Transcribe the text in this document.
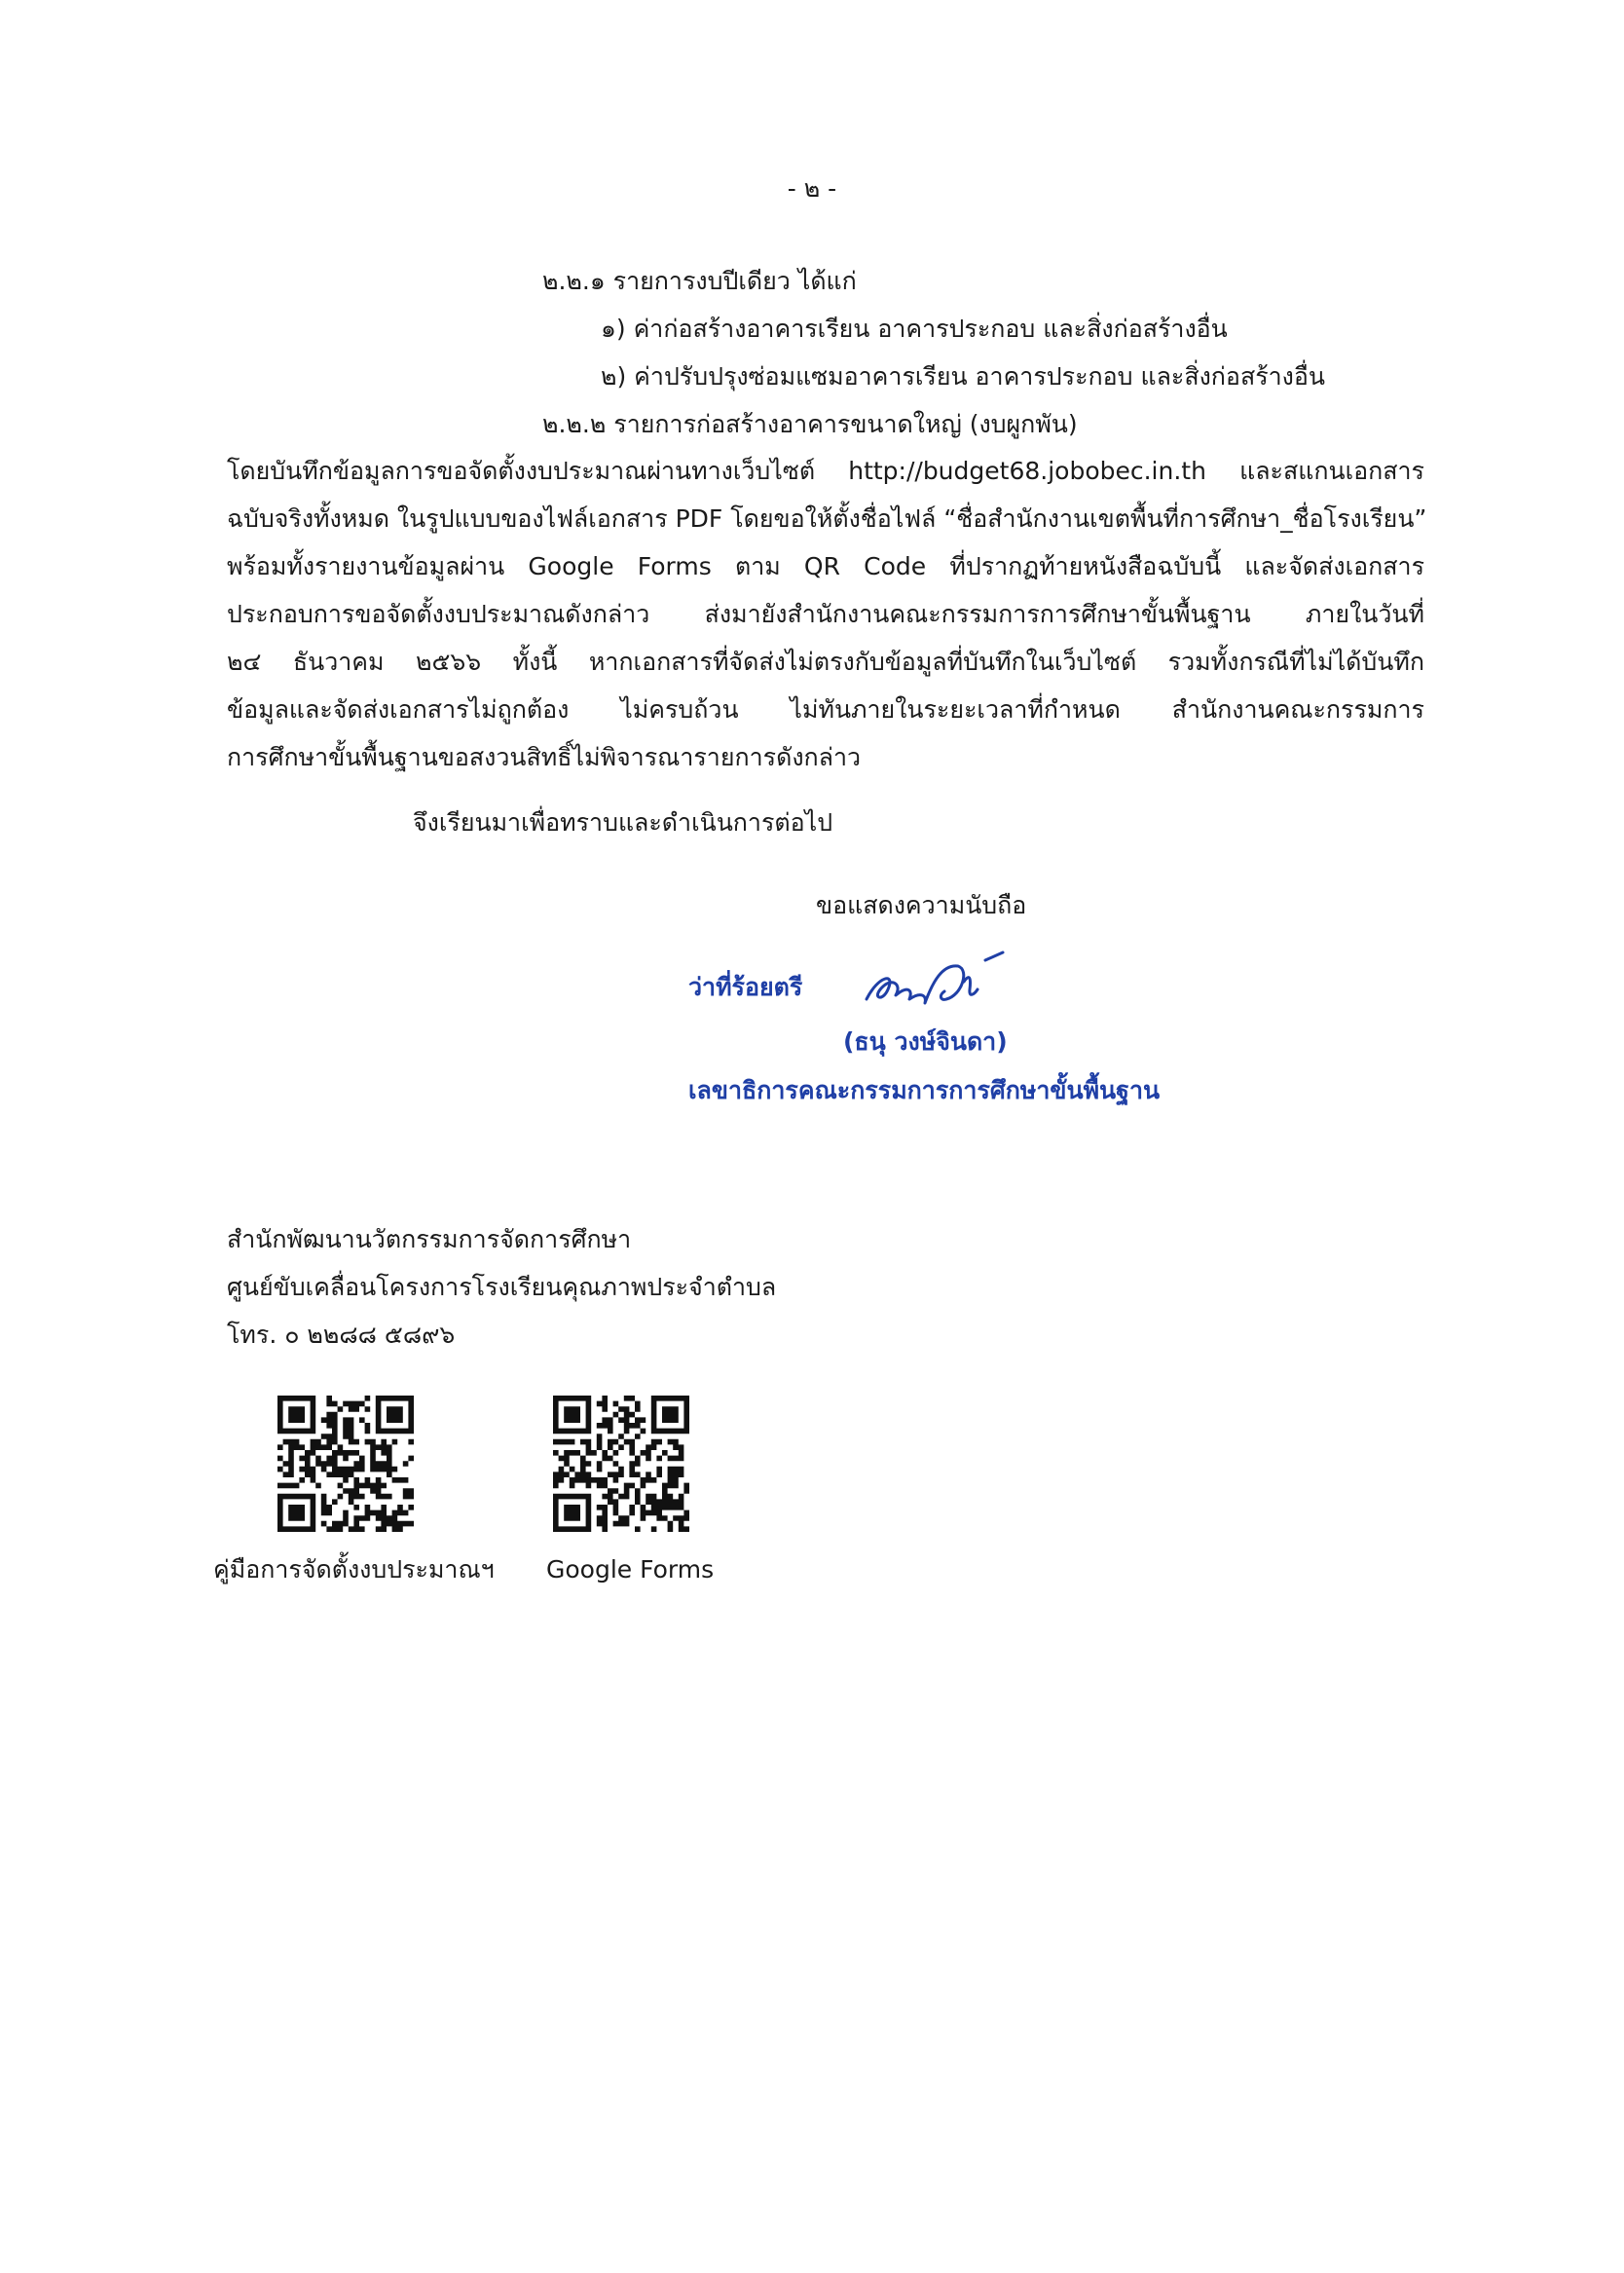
- ๒ -
๒.๒.๑ รายการงบปีเดียว ได้แก่
๑) ค่าก่อสร้างอาคารเรียน อาคารประกอบ และสิ่งก่อสร้างอื่น
๒) ค่าปรับปรุงซ่อมแซมอาคารเรียน อาคารประกอบ และสิ่งก่อสร้างอื่น
๒.๒.๒ รายการก่อสร้างอาคารขนาดใหญ่ (งบผูกพัน)
โดยบันทึกข้อมูลการขอจัดตั้งงบประมาณผ่านทางเว็บไซต์ http://budget68.jobobec.in.th และสแกนเอกสาร
ฉบับจริงทั้งหมด ในรูปแบบของไฟล์เอกสาร PDF โดยขอให้ตั้งชื่อไฟล์ “ชื่อสำนักงานเขตพื้นที่การศึกษา_ชื่อโรงเรียน”
พร้อมทั้งรายงานข้อมูลผ่าน Google Forms ตาม QR Code ที่ปรากฏท้ายหนังสือฉบับนี้ และจัดส่งเอกสาร
ประกอบการขอจัดตั้งงบประมาณดังกล่าว ส่งมายังสำนักงานคณะกรรมการการศึกษาขั้นพื้นฐาน ภายในวันที่
๒๔ ธันวาคม ๒๕๖๖ ทั้งนี้ หากเอกสารที่จัดส่งไม่ตรงกับข้อมูลที่บันทึกในเว็บไซต์ รวมทั้งกรณีที่ไม่ได้บันทึก
ข้อมูลและจัดส่งเอกสารไม่ถูกต้อง ไม่ครบถ้วน ไม่ทันภายในระยะเวลาที่กำหนด สำนักงานคณะกรรมการ
การศึกษาขั้นพื้นฐานขอสงวนสิทธิ์ไม่พิจารณารายการดังกล่าว
จึงเรียนมาเพื่อทราบและดำเนินการต่อไป
ขอแสดงความนับถือ
ว่าที่ร้อยตรี
(ธนุ วงษ์จินดา)
เลขาธิการคณะกรรมการการศึกษาขั้นพื้นฐาน
สำนักพัฒนานวัตกรรมการจัดการศึกษา
ศูนย์ขับเคลื่อนโครงการโรงเรียนคุณภาพประจำตำบล
โทร. ๐ ๒๒๘๘ ๕๘๙๖
คู่มือการจัดตั้งงบประมาณฯ Google Forms
